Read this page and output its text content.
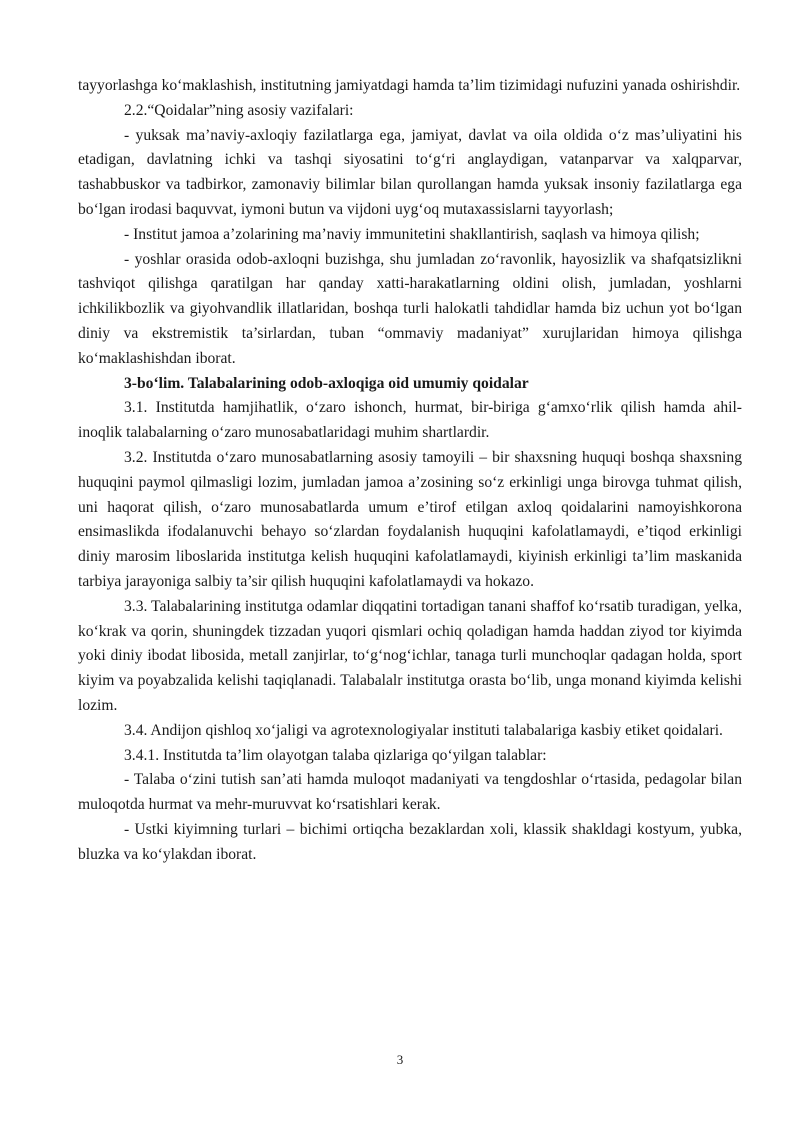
tayyorlashga ko‘maklashish, institutning jamiyatdagi hamda ta’lim tizimidagi nufuzini yanada oshirishdir.

2.2.“Qoidalar”ning asosiy vazifalari:

- yuksak ma’naviy-axloqiy fazilatlarga ega, jamiyat, davlat va oila oldida o‘z mas’uliyatini his etadigan, davlatning ichki va tashqi siyosatini to‘g‘ri anglaydigan, vatanparvar va xalqparvar, tashabbuskor va tadbirkor, zamonaviy bilimlar bilan qurollangan hamda yuksak insoniy fazilatlarga ega bo‘lgan irodasi baquvvat, iymoni butun va vijdoni uyg‘oq mutaxassislarni tayyorlash;

- Institut jamoa a’zolarining ma’naviy immunitetini shakllantirish, saqlash va himoya qilish;

- yoshlar orasida odob-axloqni buzishga, shu jumladan zo‘ravonlik, hayosizlik va shafqatsizlikni tashviqot qilishga qaratilgan har qanday xatti-harakatlarning oldini olish, jumladan, yoshlarni ichkilikbozlik va giyohvandlik illatlaridan, boshqa turli halokatli tahdidlar hamda biz uchun yot bo‘lgan diniy va ekstremistik ta’sirlardan, tuban “ommaviy madaniyat” xurujlaridan himoya qilishga ko‘maklashishdan iborat.

3-bo‘lim. Talabalarining odob-axloqiga oid umumiy qoidalar

3.1. Institutda hamjihatlik, o‘zaro ishonch, hurmat, bir-biriga g‘amxo‘rlik qilish hamda ahil-inoqlik talabalarning o‘zaro munosabatlaridagi muhim shartlardir.

3.2. Institutda o‘zaro munosabatlarning asosiy tamoyili – bir shaxsning huquqi boshqa shaxsning huquqini paymol qilmasligi lozim, jumladan jamoa a’zosining so‘z erkinligi unga birovga tuhmat qilish, uni haqorat qilish, o‘zaro munosabatlarda umum e’tirof etilgan axloq qoidalarini namoyishkorona ensimaslikda ifodalanuvchi behayo so‘zlardan foydalanish huquqini kafolatlamaydi, e’tiqod erkinligi diniy marosim liboslarida institutga kelish huquqini kafolatlamaydi, kiyinish erkinligi ta’lim maskanida tarbiya jarayoniga salbiy ta’sir qilish huquqini kafolatlamaydi va hokazo.

3.3. Talabalarining institutga odamlar diqqatini tortadigan tanani shaffof ko‘rsatib turadigan, yelka, ko‘krak va qorin, shuningdek tizzadan yuqori qismlari ochiq qoladigan hamda haddan ziyod tor kiyimda yoki diniy ibodat libosida, metall zanjirlar, to‘g‘nog‘ichlar, tanaga turli munchoqlar qadagan holda, sport kiyim va poyabzalida kelishi taqiqlanadi. Talabalalr institutga orasta bo‘lib, unga monand kiyimda kelishi lozim.

3.4. Andijon qishloq xo‘jaligi va agrotexnologiyalar instituti talabalariga kasbiy etiket qoidalari.

3.4.1. Institutda ta’lim olayotgan talaba qizlariga qo‘yilgan talablar:

- Talaba o‘zini tutish san’ati hamda muloqot madaniyati va tengdoshlar o‘rtasida, pedagolar bilan muloqotda hurmat va mehr-muruvvat ko‘rsatishlari kerak.

- Ustki kiyimning turlari – bichimi ortiqcha bezaklardan xoli, klassik shakldagi kostyum, yubka, bluzka va ko‘ylakdan iborat.

3
